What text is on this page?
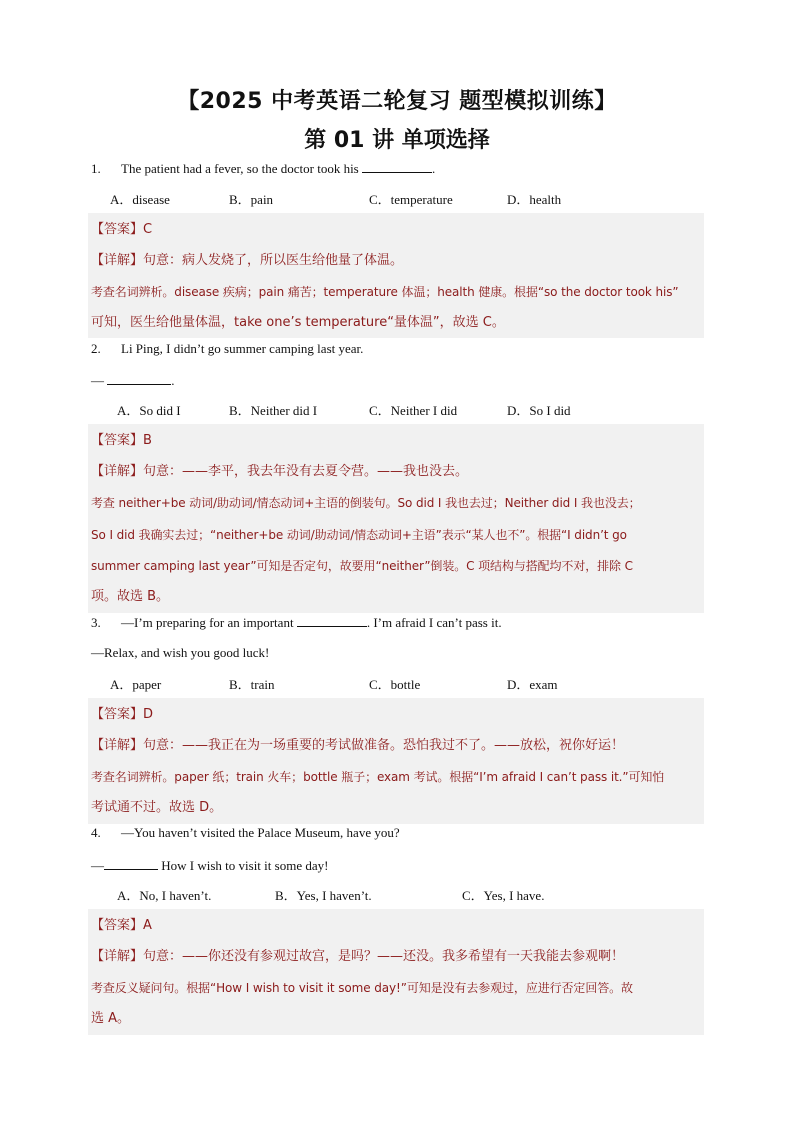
【2025 中考英语二轮复习 题型模拟训练】
第 01 讲 单项选择
1. The patient had a fever, so the doctor took his	.
A．disease	B．pain	C．temperature	D．health
【答案】C
【详解】句意：病人发烧了，所以医生给他量了体温。
考查名词辨析。disease 疾病；pain 痛苦；temperature 体温；health 健康。根据“so the doctor took his”
可知，医生给他量体温，take one’s temperature“量体温”，故选 C。
2. Li Ping, I didn’t go summer camping last year.
—	.
A．So did I	B．Neither did I	C．Neither I did	D．So I did
【答案】B
【详解】句意：——李平，我去年没有去夏令营。——我也没去。
考查 neither+be 动词/助动词/情态动词+主语的倒装句。So did I 我也去过；Neither did I 我也没去；
So I did 我确实去过；“neither+be 动词/助动词/情态动词+主语”表示“某人也不”。根据“I didn’t go
summer camping last year”可知是否定句，故要用“neither”倒装。C 项结构与搭配均不对，排除 C
项。故选 B。
3. —I’m preparing for an important	. I’m afraid I can’t pass it.
—Relax, and wish you good luck!
A．paper	B．train	C．bottle	D．exam
【答案】D
【详解】句意：——我正在为一场重要的考试做准备。恐怕我过不了。——放松，祝你好运！
考查名词辨析。paper 纸；train 火车；bottle 瓶子；exam 考试。根据“I’m afraid I can’t pass it.”可知怕
考试通不过。故选 D。
4. —You haven’t visited the Palace Museum, have you?
—	How I wish to visit it some day!
A．No, I haven’t.	B．Yes, I haven’t.	C．Yes, I have.
【答案】A
【详解】句意：——你还没有参观过故宫，是吗？——还没。我多希望有一天我能去参观啊！
考查反义疑问句。根据“How I wish to visit it some day!”可知是没有去参观过，应进行否定回答。故
选 A。
